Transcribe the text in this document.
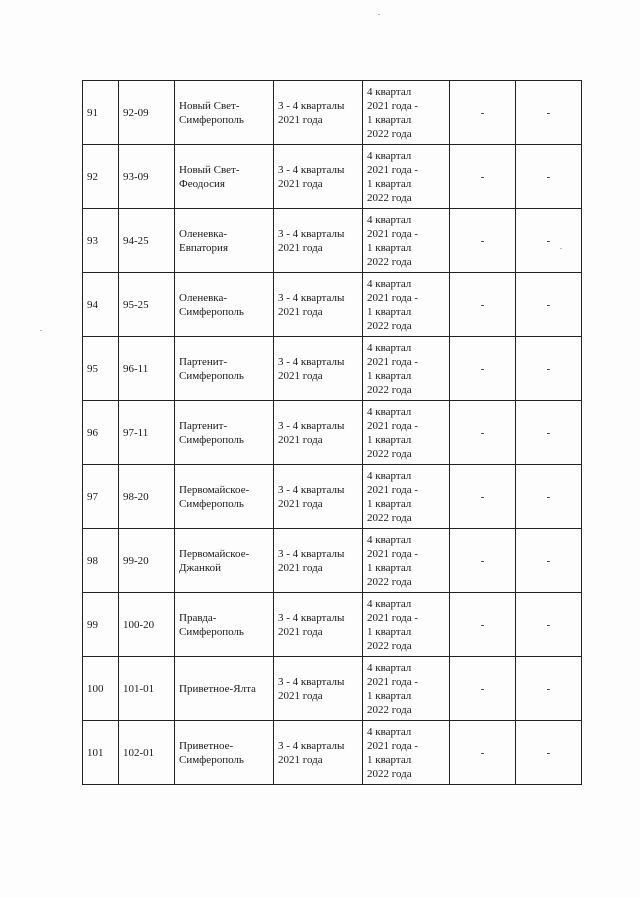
91	92-09	Новый Свет-
Симферополь	3 - 4 кварталы
2021 года	4 квартал
2021 года -
1 квартал
2022 года	-	-
92	93-09	Новый Свет-
Феодосия	3 - 4 кварталы
2021 года	4 квартал
2021 года -
1 квартал
2022 года	-	-
93	94-25	Оленевка-
Евпатория	3 - 4 кварталы
2021 года	4 квартал
2021 года -
1 квартал
2022 года	-	-
94	95-25	Оленевка-
Симферополь	3 - 4 кварталы
2021 года	4 квартал
2021 года -
1 квартал
2022 года	-	-
95	96-11	Партенит-
Симферополь	3 - 4 кварталы
2021 года	4 квартал
2021 года -
1 квартал
2022 года	-	-
96	97-11	Партенит-
Симферополь	3 - 4 кварталы
2021 года	4 квартал
2021 года -
1 квартал
2022 года	-	-
97	98-20	Первомайское-
Симферополь	3 - 4 кварталы
2021 года	4 квартал
2021 года -
1 квартал
2022 года	-	-
98	99-20	Первомайское-
Джанкой	3 - 4 кварталы
2021 года	4 квартал
2021 года -
1 квартал
2022 года	-	-
99	100-20	Правда-
Симферополь	3 - 4 кварталы
2021 года	4 квартал
2021 года -
1 квартал
2022 года	-	-
100	101-01	Приветное-Ялта	3 - 4 кварталы
2021 года	4 квартал
2021 года -
1 квартал
2022 года	-	-
101	102-01	Приветное-
Симферополь	3 - 4 кварталы
2021 года	4 квартал
2021 года -
1 квартал
2022 года	-	-
